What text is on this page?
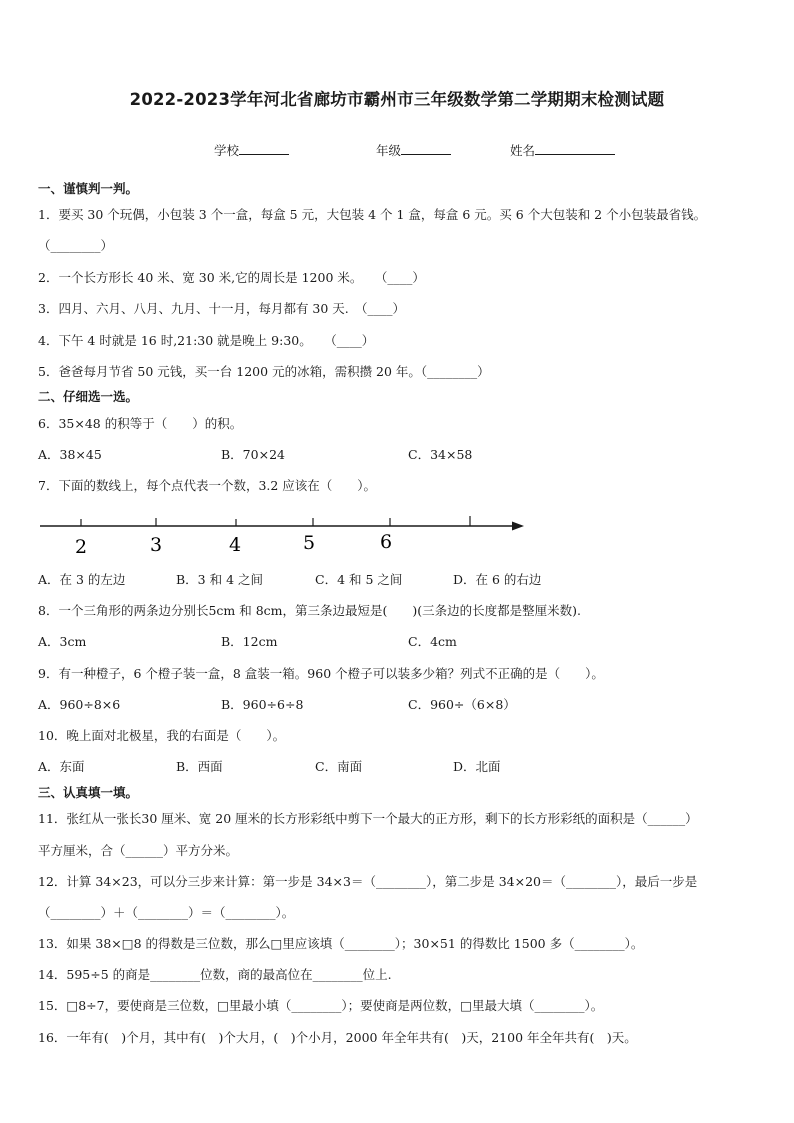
2022-2023学年河北省廊坊市霸州市三年级数学第二学期期末检测试题
学校	年级	姓名
一、谨慎判一判。
1．要买 30 个玩偶，小包装 3 个一盒，每盒 5 元，大包装 4 个 1 盒，每盒 6 元。买 6 个大包装和 2 个小包装最省钱。
（________）
2．一个长方形长 40 米、宽 30 米,它的周长是 1200 米。　　（____）
3．四月、六月、八月、九月、十一月，每月都有 30 天.　（____）
4．下午 4 时就是 16 时,21:30 就是晚上 9:30。　　（____）
5．爸爸每月节省 50 元钱，买一台 1200 元的冰箱，需积攒 20 年。（________）
二、仔细选一选。
6．35×48 的积等于（　　）的积。
A．38×45	B．70×24	C．34×58
7．下面的数线上，每个点代表一个数，3.2 应该在（　　）。
2	3	4	5	6
A．在 3 的左边	B．3 和 4 之间	C．4 和 5 之间	D．在 6 的右边
8．一个三角形的两条边分别长5cm 和 8cm，第三条边最短是(　　)(三条边的长度都是整厘米数).
A．3cm	B．12cm	C．4cm
9．有一种橙子，6 个橙子装一盒，8 盒装一箱。960 个橙子可以装多少箱？列式不正确的是（　　）。
A．960÷8×6	B．960÷6÷8	C．960÷（6×8）
10．晚上面对北极星，我的右面是（　　）。
A．东面	B．西面	C．南面	D．北面
三、认真填一填。
11．张红从一张长30 厘米、宽 20 厘米的长方形彩纸中剪下一个最大的正方形，剩下的长方形彩纸的面积是（______）
平方厘米，合（______）平方分米。
12．计算 34×23，可以分三步来计算：第一步是 34×3＝（________），第二步是 34×20＝（________），最后一步是
（________）＋（________）＝（________）。
13．如果 38×□8 的得数是三位数，那么□里应该填（________）；30×51 的得数比 1500 多（________）。
14．595÷5 的商是________位数，商的最高位在________位上.
15．□8÷7，要使商是三位数，□里最小填（________）；要使商是两位数，□里最大填（________）。
16．一年有(　)个月，其中有(　)个大月，(　)个小月，2000 年全年共有(　)天，2100 年全年共有(　)天。
